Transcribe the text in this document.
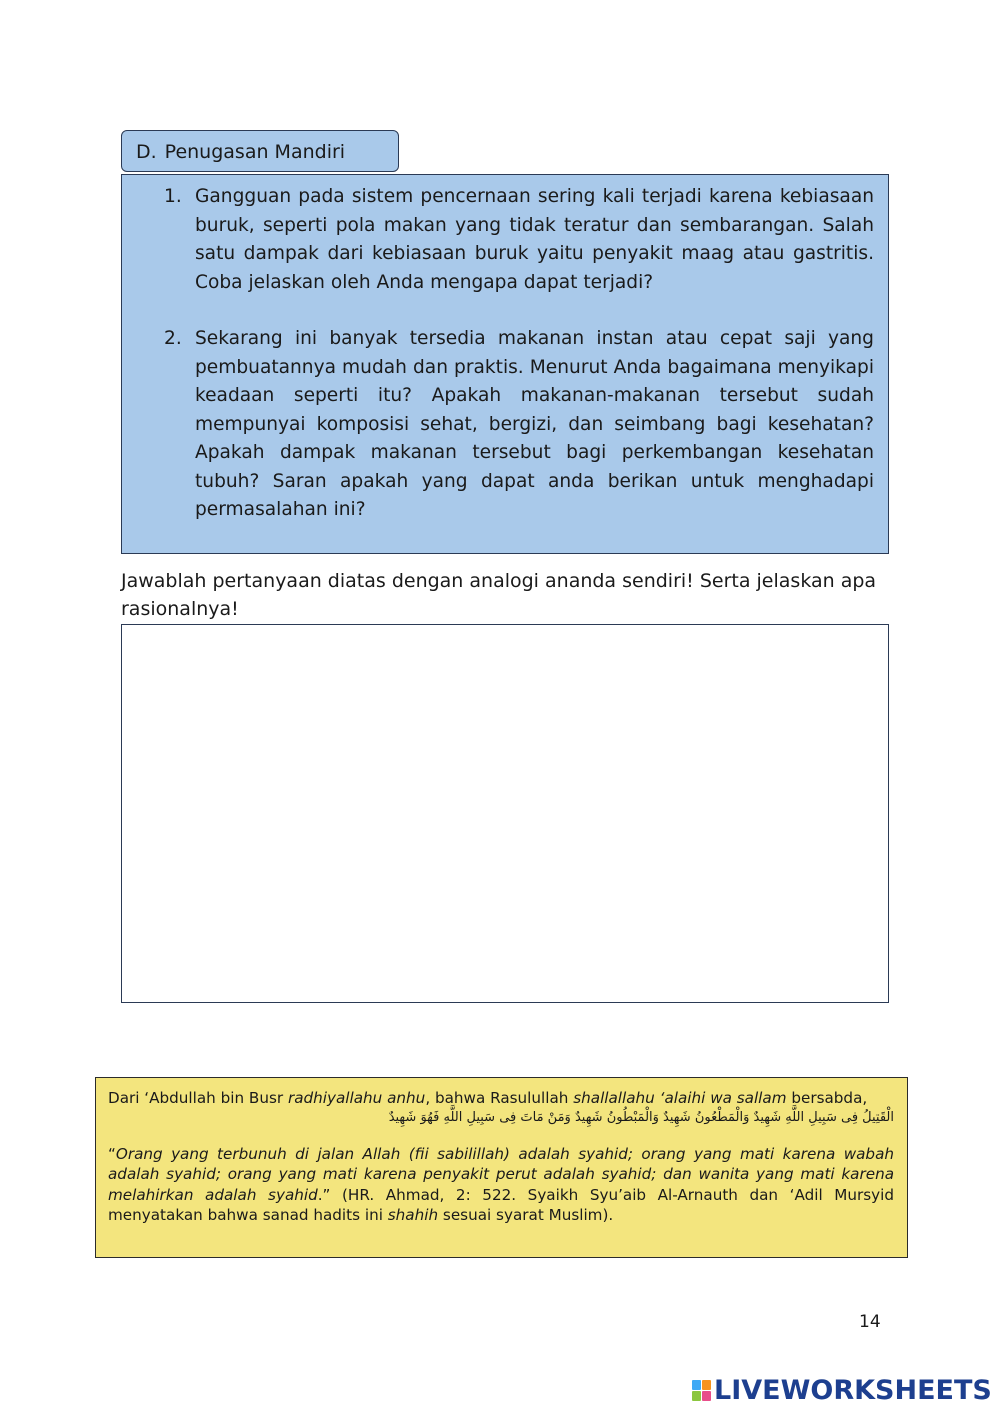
D. Penugasan Mandiri
1. Gangguan pada sistem pencernaan sering kali terjadi karena kebiasaan buruk, seperti pola makan yang tidak teratur dan sembarangan. Salah satu dampak dari kebiasaan buruk yaitu penyakit maag atau gastritis. Coba jelaskan oleh Anda mengapa dapat terjadi?
2. Sekarang ini banyak tersedia makanan instan atau cepat saji yang pembuatannya mudah dan praktis. Menurut Anda bagaimana menyikapi keadaan seperti itu? Apakah makanan-makanan tersebut sudah mempunyai komposisi sehat, bergizi, dan seimbang bagi kesehatan? Apakah dampak makanan tersebut bagi perkembangan kesehatan tubuh? Saran apakah yang dapat anda berikan untuk menghadapi permasalahan ini?
Jawablah pertanyaan diatas dengan analogi ananda sendiri! Serta jelaskan apa rasionalnya!

Dari ‘Abdullah bin Busr radhiyallahu anhu, bahwa Rasulullah shallallahu ‘alaihi wa sallam bersabda,

الْقَتِيلُ فِى سَبِيلِ اللَّهِ شَهِيدٌ وَالْمَطْعُونُ شَهِيدٌ وَالْمَبْطُونُ شَهِيدٌ وَمَنْ مَاتَ فِى سَبِيلِ اللَّهِ فَهُوَ شَهِيدٌ

“Orang yang terbunuh di jalan Allah (fii sabilillah) adalah syahid; orang yang mati karena wabah adalah syahid; orang yang mati karena penyakit perut adalah syahid; dan wanita yang mati karena melahirkan adalah syahid.” (HR. Ahmad, 2: 522. Syaikh Syu’aib Al-Arnauth dan ‘Adil Mursyid menyatakan bahwa sanad hadits ini shahih sesuai syarat Muslim).

14
LIVEWORKSHEETS
